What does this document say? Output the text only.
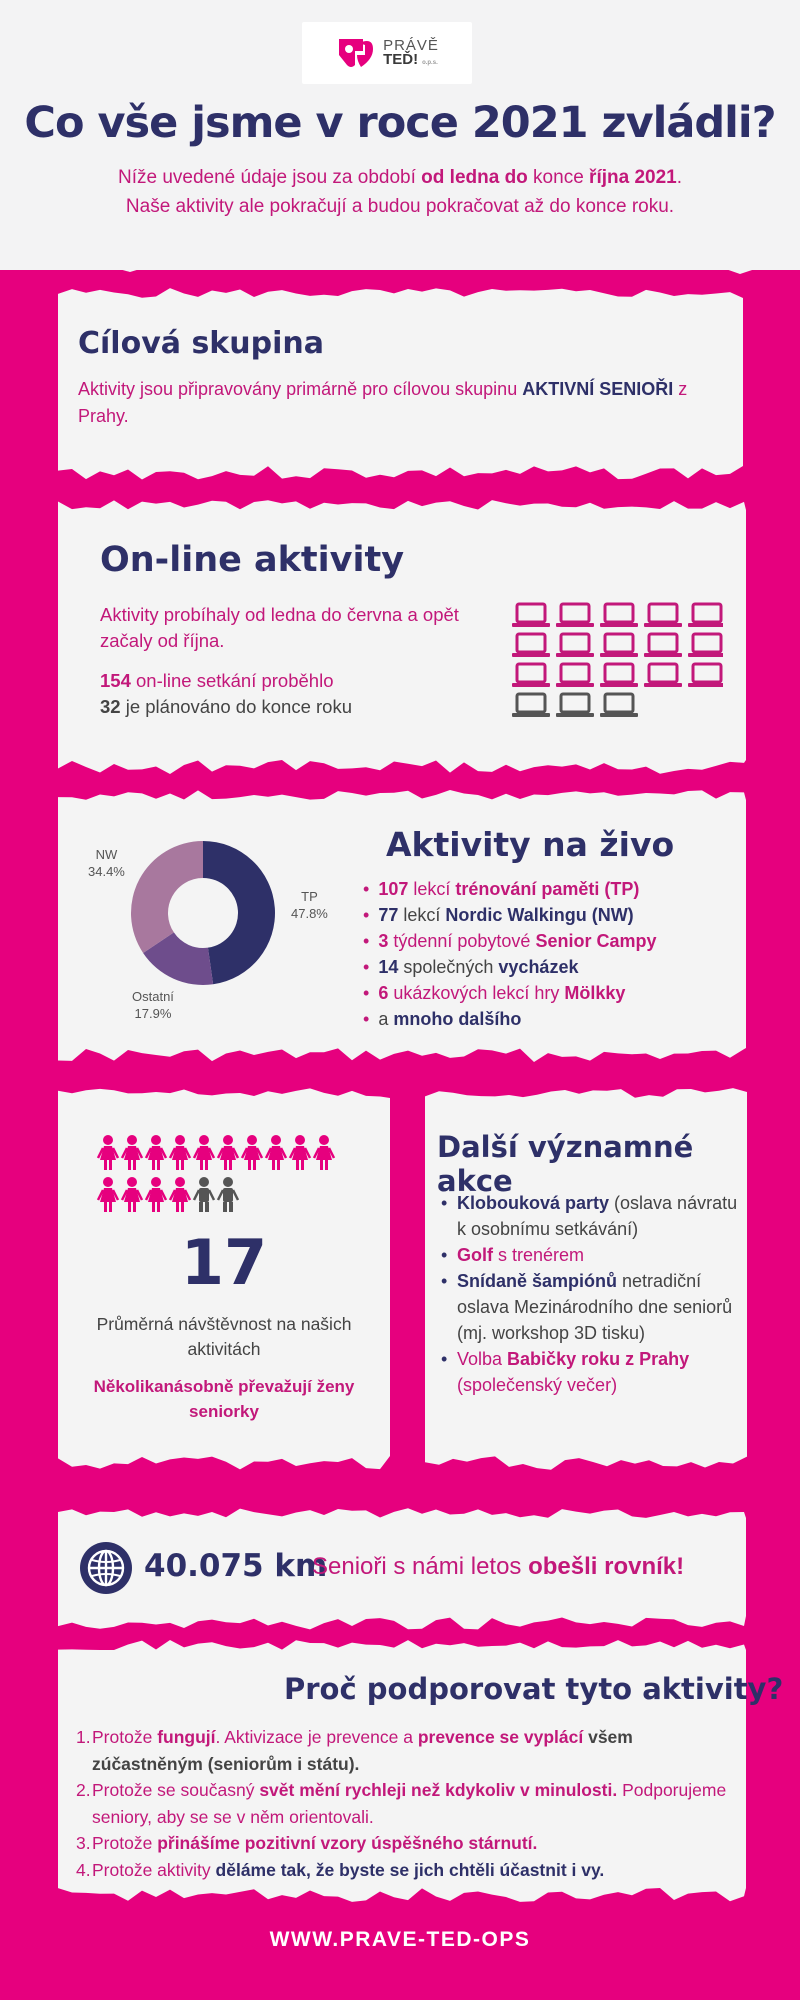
PRÁVĚ
TEĎ! o.p.s.
Co vše jsme v roce 2021 zvládli?
Níže uvedené údaje jsou za období od ledna do konce října 2021.
Naše aktivity ale pokračují a budou pokračovat až do konce roku.
Cílová skupina

Aktivity jsou připravovány primárně pro cílovou skupinu AKTIVNÍ SENIOŘI z Prahy.

On-line aktivity
Aktivity probíhaly od ledna do června a opět začaly od října.
154 on-line setkání proběhlo
32 je plánováno do konce roku
NW
34.4%
TP
47.8%
Ostatní
17.9%
Aktivity na živo
• 107 lekcí trénování paměti (TP)
• 77 lekcí Nordic Walkingu (NW)
• 3 týdenní pobytové Senior Campy
• 14 společných vycházek
• 6 ukázkových lekcí hry Mölkky
• a mnoho dalšího
17
Průměrná návštěvnost na našich aktivitách
Několikanásobně převažují ženy seniorky
Další významné akce
• Klobouková party (oslava návratu k osobnímu setkávání)
• Golf s trenérem
• Snídaně šampiónů netradiční oslava Mezinárodního dne seniorů (mj. workshop 3D tisku)
• Volba Babičky roku z Prahy (společenský večer)
40.075 km
Senioři s námi letos obešli rovník!
Proč podporovat tyto aktivity?
1. Protože fungují. Aktivizace je prevence a prevence se vyplácí všem zúčastněným (seniorům i státu).
2. Protože se současný svět mění rychleji než kdykoliv v minulosti. Podporujeme seniory, aby se se v něm orientovali.
3. Protože přinášíme pozitivní vzory úspěšného stárnutí.
4. Protože aktivity děláme tak, že byste se jich chtěli účastnit i vy.
WWW.PRAVE-TED-OPS
